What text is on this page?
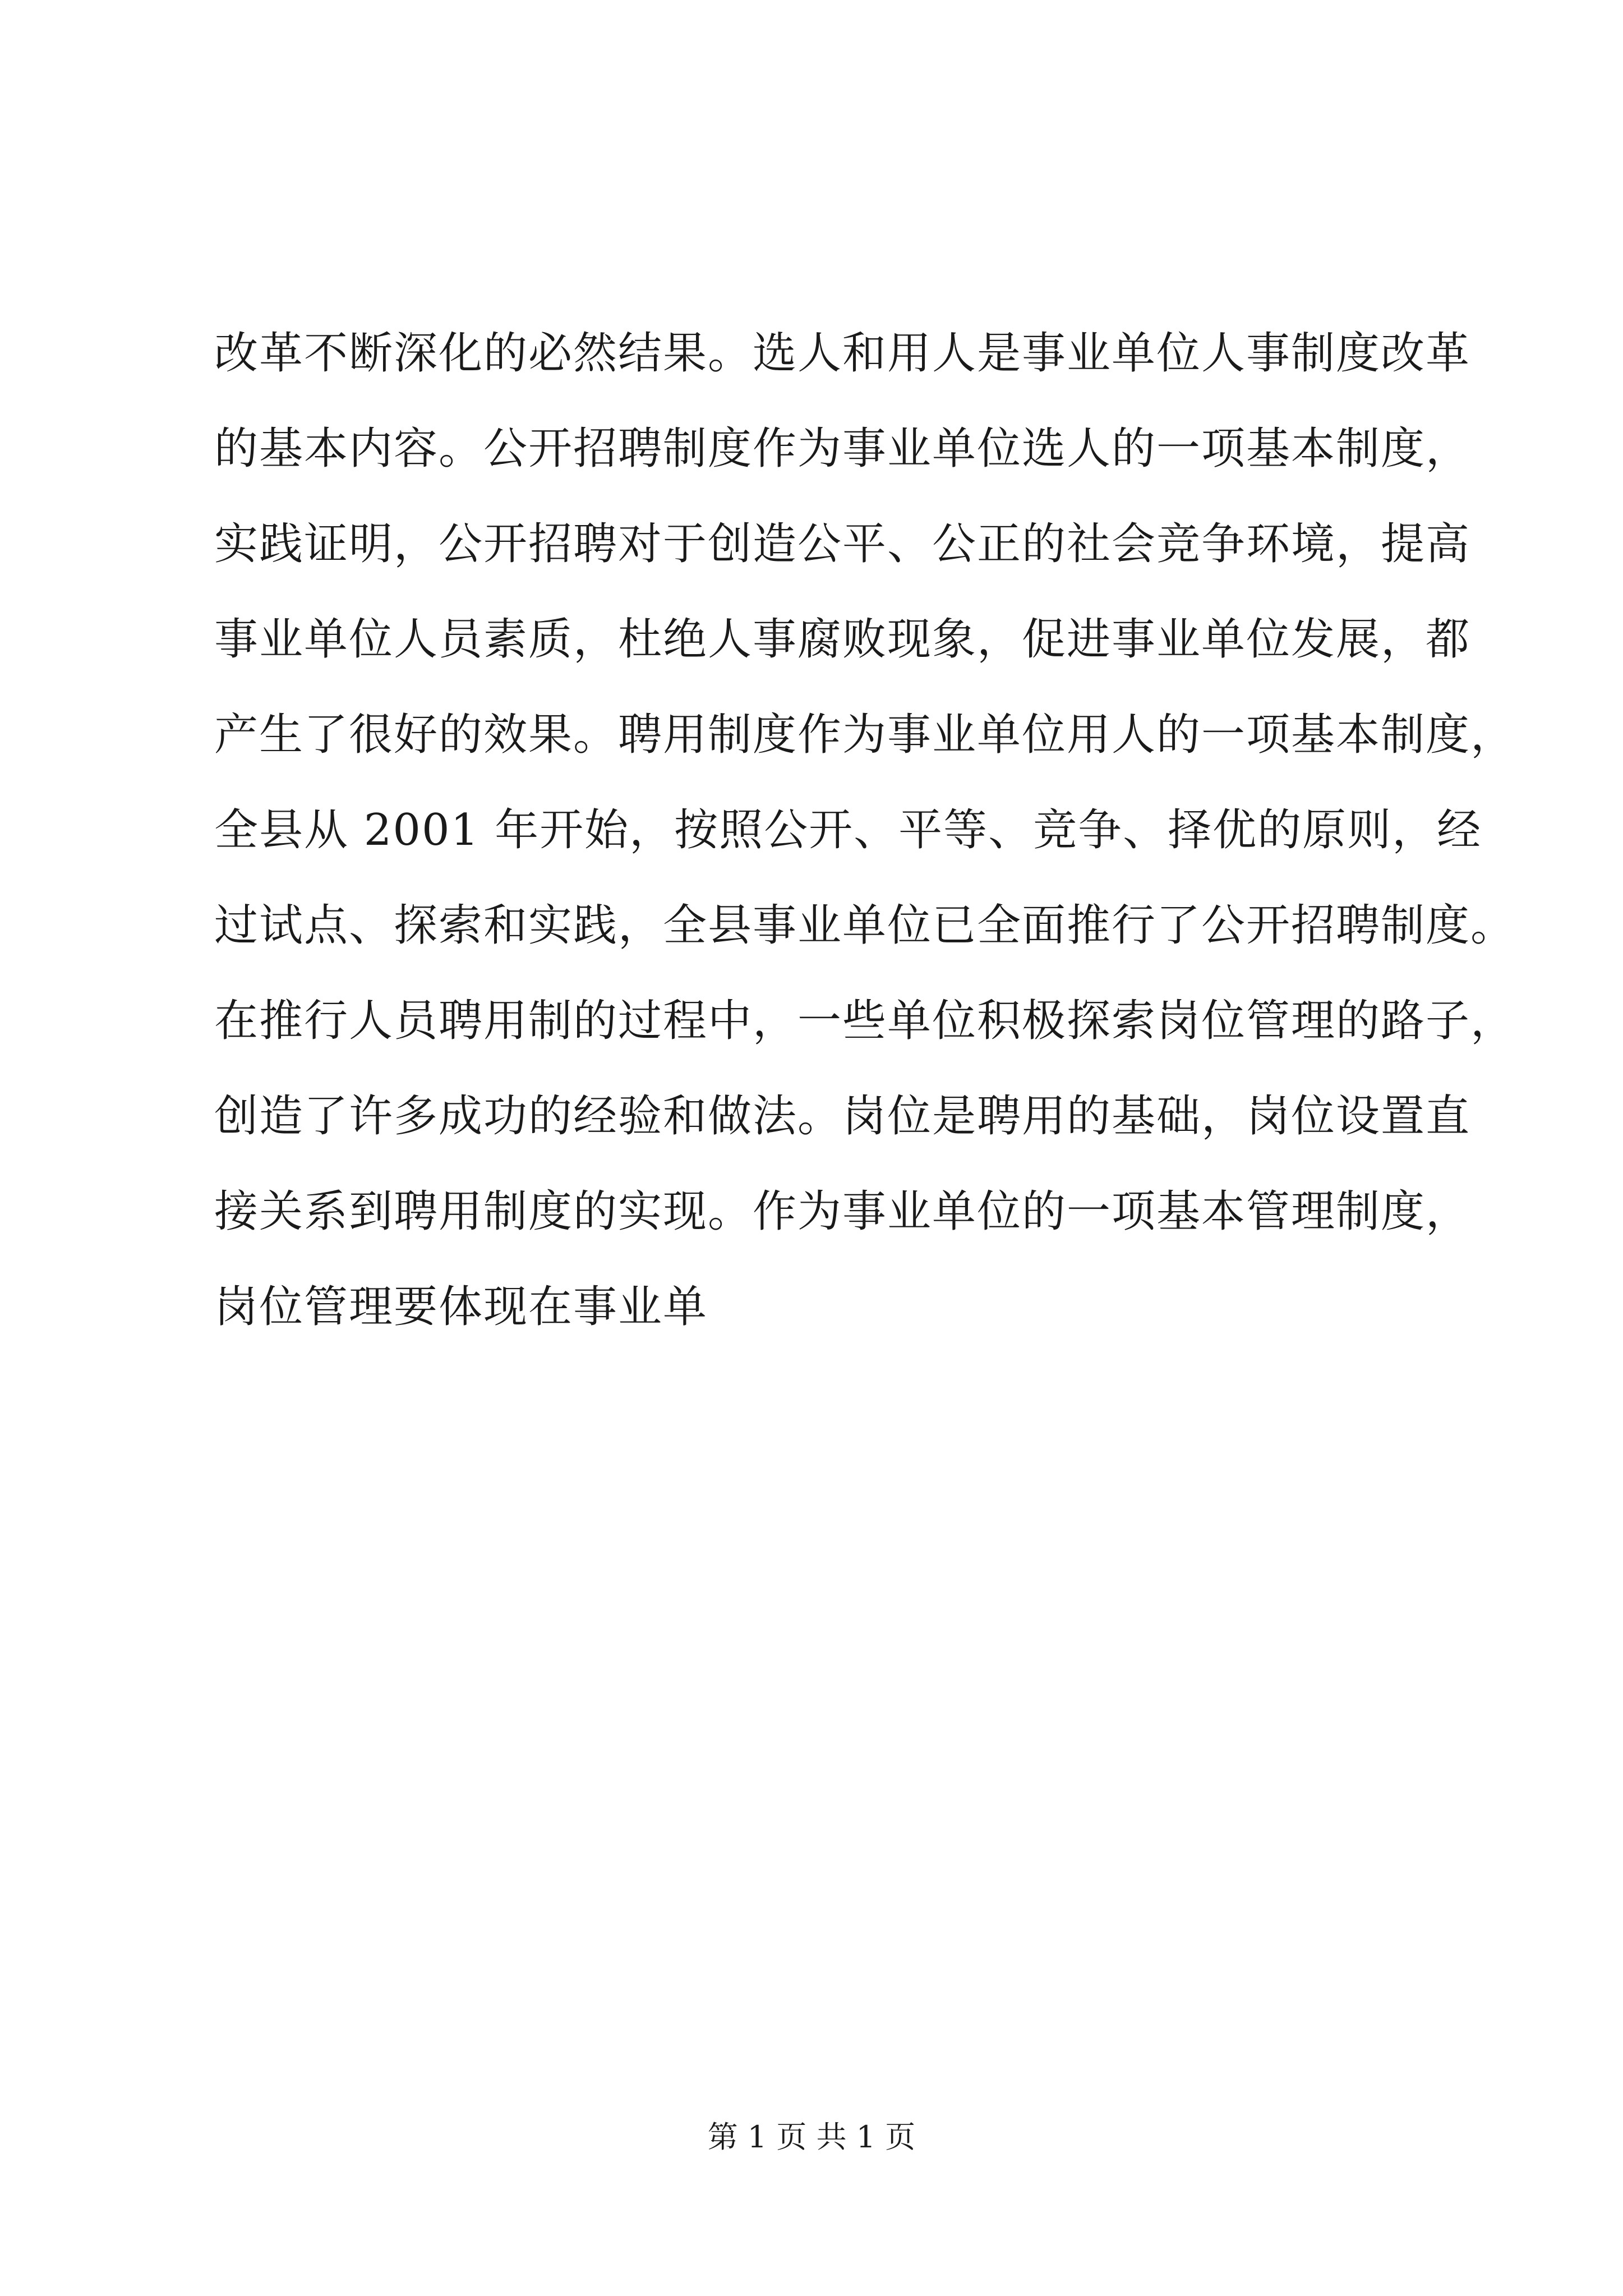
改革不断深化的必然结果。选人和用人是事业单位人事制度改革
的基本内容。公开招聘制度作为事业单位选人的一项基本制度，
实践证明，公开招聘对于创造公平、公正的社会竞争环境，提高
事业单位人员素质，杜绝人事腐败现象，促进事业单位发展，都
产生了很好的效果。聘用制度作为事业单位用人的一项基本制度，
全县从 2001 年开始，按照公开、平等、竞争、择优的原则，经
过试点、探索和实践，全县事业单位已全面推行了公开招聘制度。
在推行人员聘用制的过程中，一些单位积极探索岗位管理的路子，
创造了许多成功的经验和做法。岗位是聘用的基础，岗位设置直
接关系到聘用制度的实现。作为事业单位的一项基本管理制度，
岗位管理要体现在事业单
第 1 页 共 1 页
